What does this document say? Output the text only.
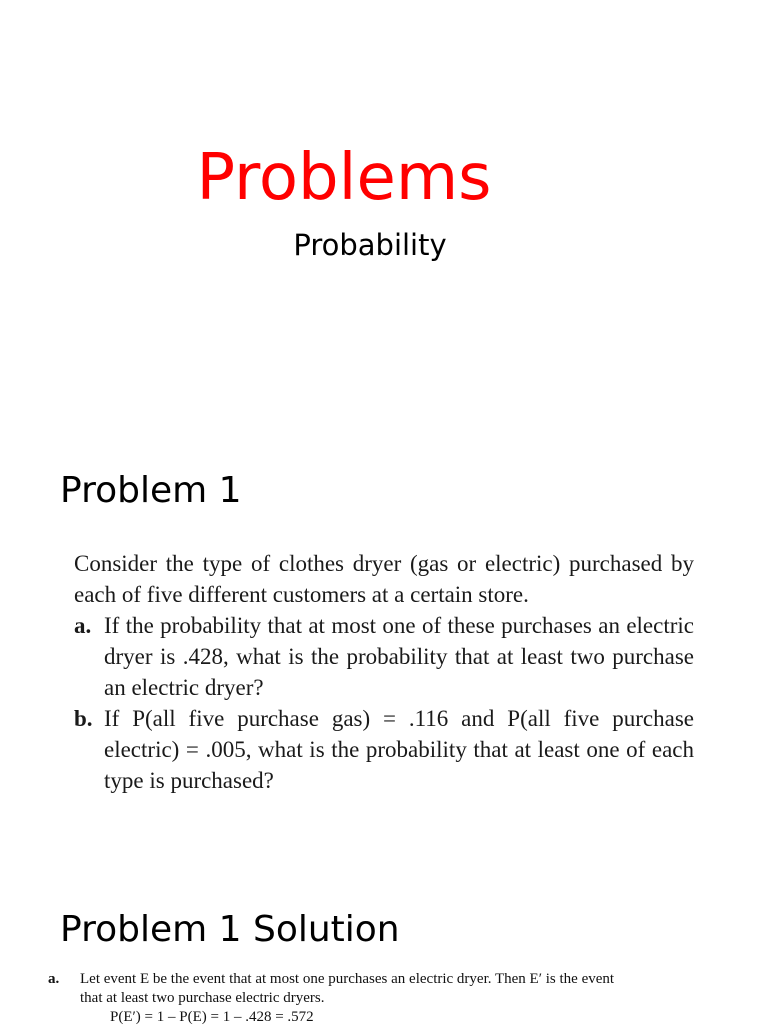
Problems
Probability
Problem 1

Consider the type of clothes dryer (gas or electric) purchased by each of five different customers at a certain store.

a. If the probability that at most one of these purchases an electric dryer is .428, what is the probability that at least two purchase an electric dryer?

b. If P(all five purchase gas) = .116 and P(all five purchase electric) = .005, what is the probability that at least one of each type is purchased?

Problem 1 Solution
a. Let event E be the event that at most one purchases an electric dryer. Then E′ is the event
that at least two purchase electric dryers.
P(E′) = 1 – P(E) = 1 – .428 = .572
